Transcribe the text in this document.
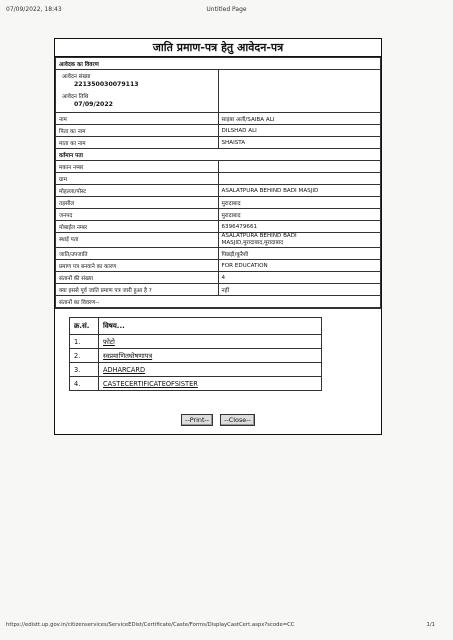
07/09/2022, 18:43	Untitled Page
जाति प्रमाण-पत्र हेतु आवेदन-पत्र
आवेदक का विवरण	

आवेदन संख्या
221350030079113
आवेदन तिथि
07/09/2022	

नाम	साइबा अली/SAIBA ALI
पिता का नाम	DILSHAD ALI
माता का नाम	SHAISTA
वर्तमान पता	
मकान नम्बर	
ग्राम	
मोहल्ला/पोस्ट	ASALATPURA BEHIND BADI MASJID
तहसील	मुरादाबाद
जनपद	मुरादाबाद
मोबाईल नम्बर	6396479661
स्थाई पता	ASALATPURA BEHIND BADI
MASJID,मुरादाबाद,मुरादाबाद

जाति/उपजाति	पिछड़ी/कुरैशी
प्रमाण पत्र बनवाने का कारण	FOR EDUCATION
संतानों की संख्या	4
क्या इससे पूर्व जाति प्रमाण पत्र जारी हुआ है ?	नहीं
संतानों का विवरण--	
क्र.सं.	विषय...
1.	फ़ोटो
2.	स्वप्रमाणितघोषणापत्र
3.	ADHARCARD
4.	CASTECERTIFICATEOFSISTER
--Print-- --Close--
https://edistt.up.gov.in/citizenservices/ServiceEDist/Certificate/Caste/Forms/DisplayCastCert.aspx?scode=CC	1/1
